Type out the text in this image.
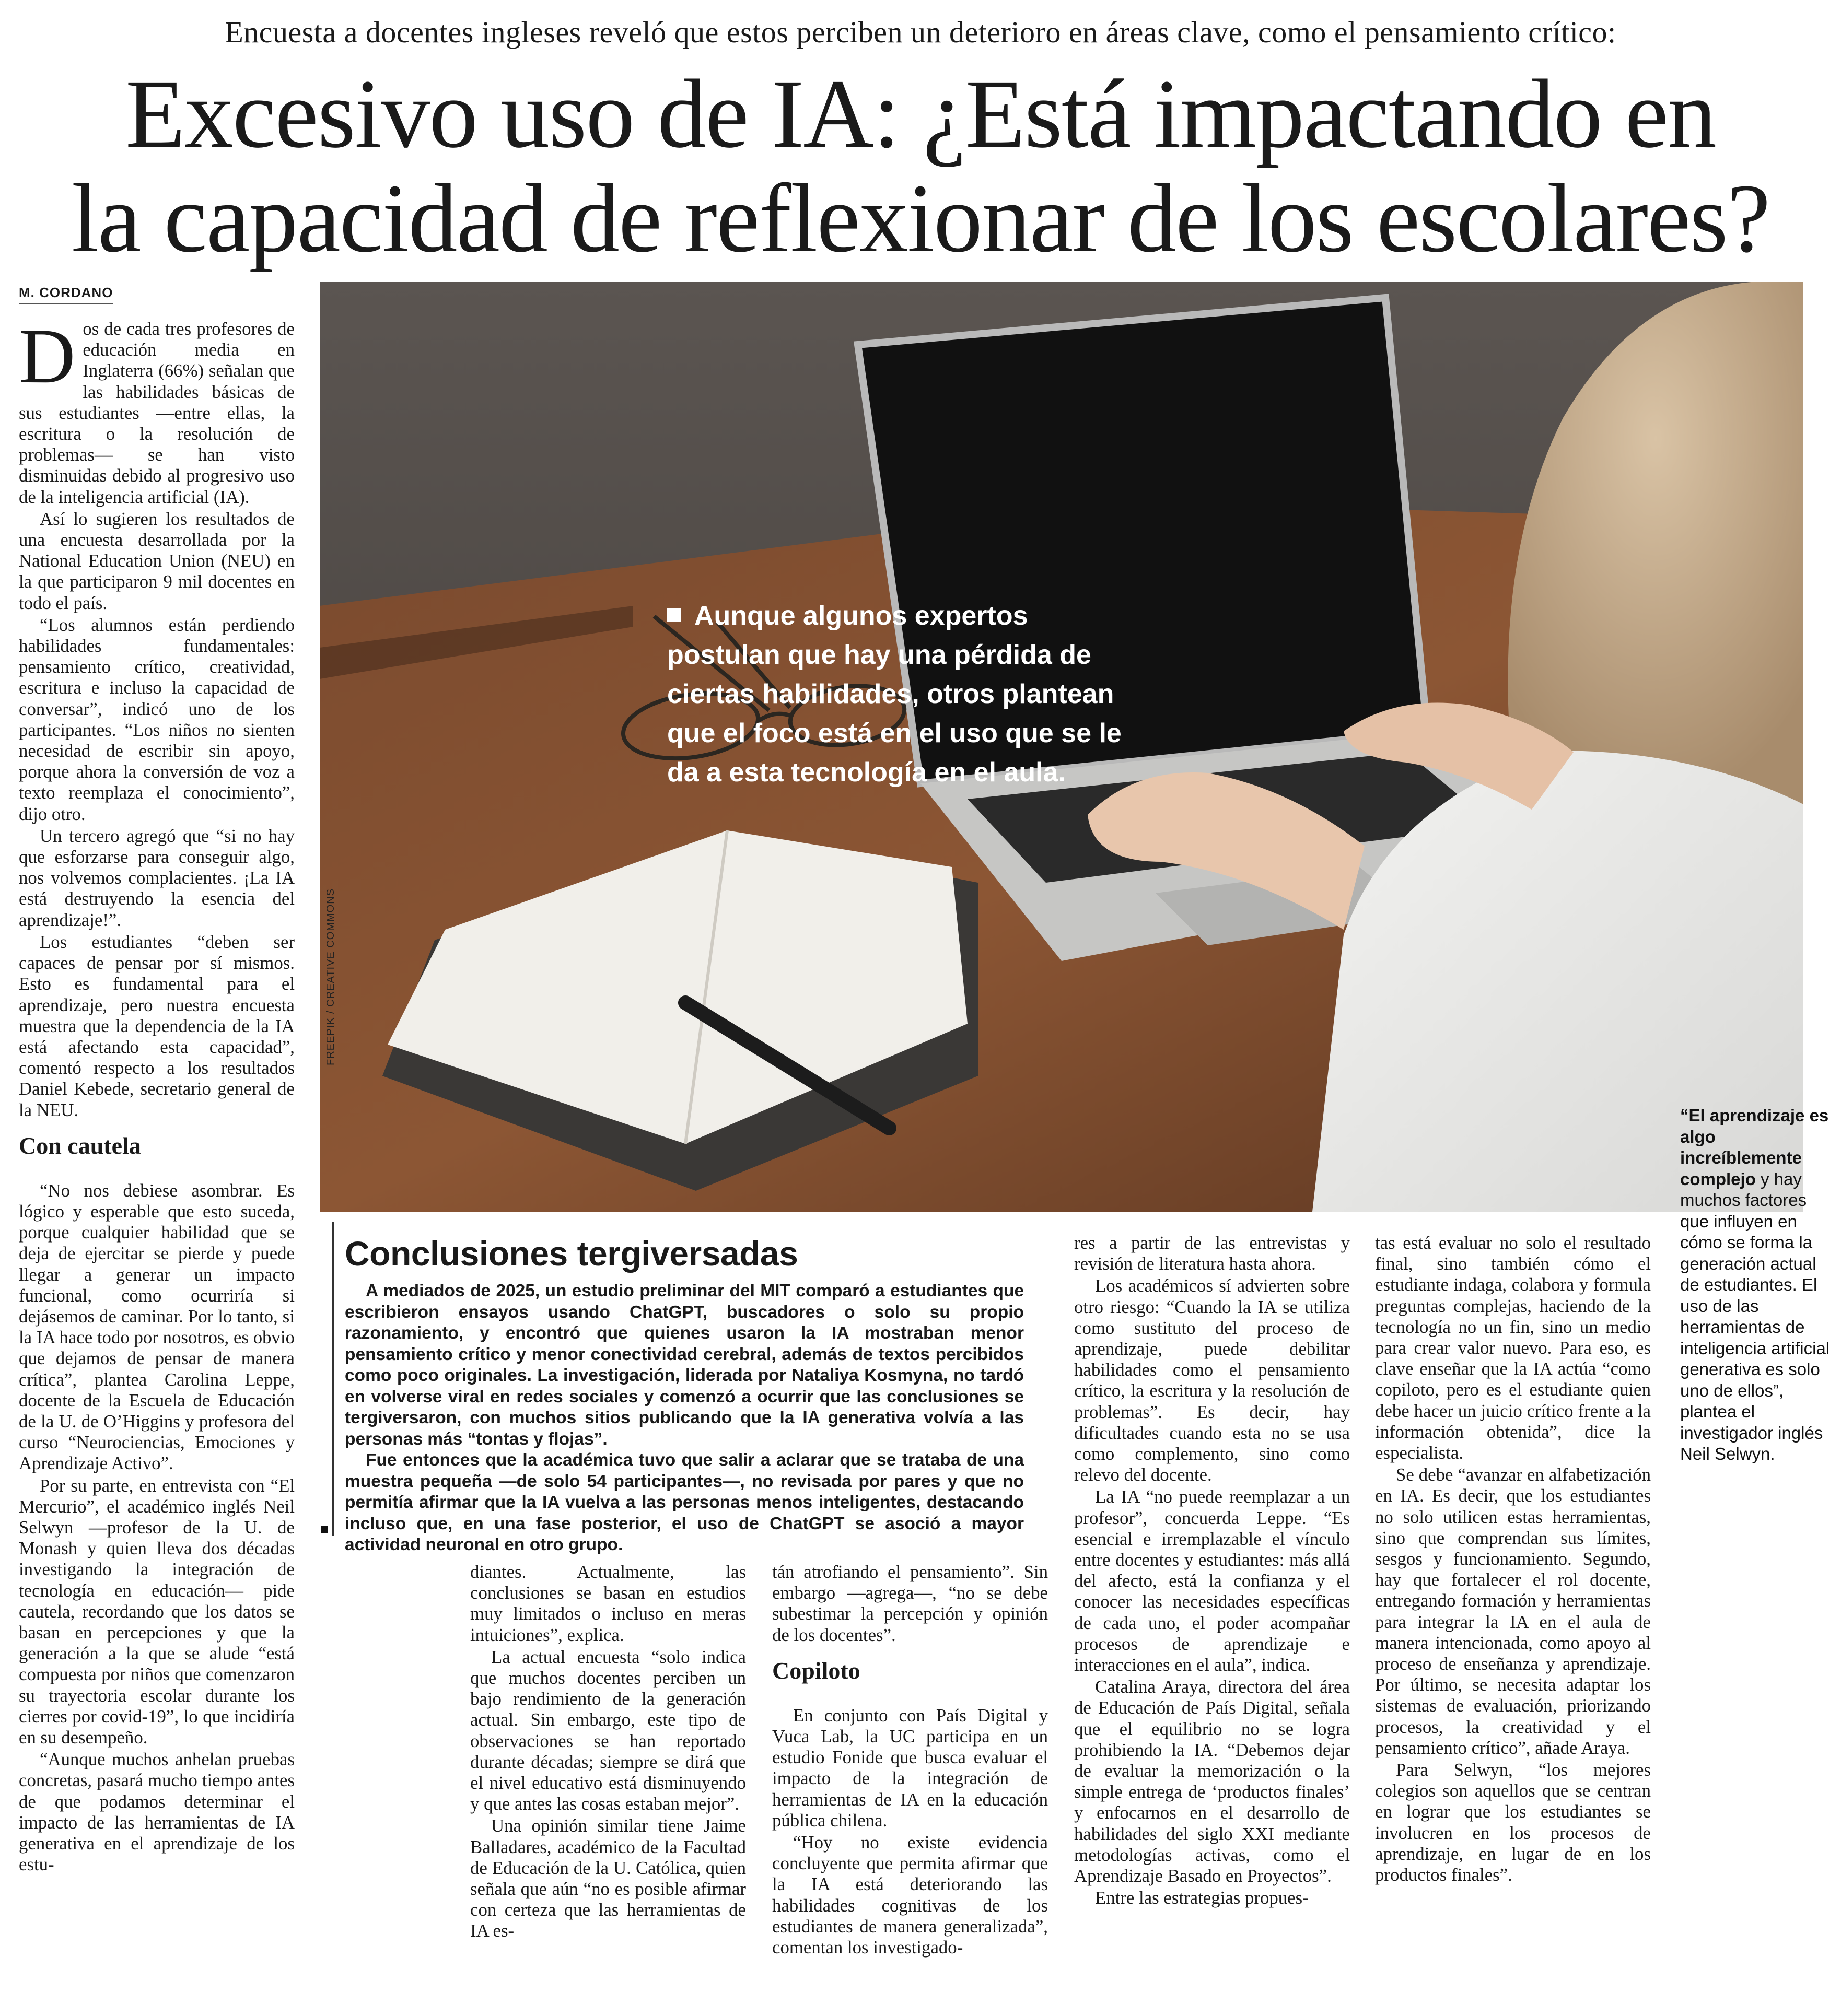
Encuesta a docentes ingleses reveló que estos perciben un deterioro en áreas clave, como el pensamiento crítico:
Excesivo uso de IA: ¿Está impactando en
la capacidad de reflexionar de los escolares?
M. CORDANO
Aunque algunos expertos postulan que hay una pérdida de ciertas habilidades, otros plantean que el foco está en el uso que se le da a esta tecnología en el aula.
FREEPIK / CREATIVE COMMONS

Dos de cada tres profesores de educación media en Inglaterra (66%) señalan que las habilidades básicas de sus estudiantes —entre ellas, la escritura o la resolución de problemas— se han visto disminuidas debido al progresivo uso de la inteligencia artificial (IA).

Así lo sugieren los resultados de una encuesta desarrollada por la National Education Union (NEU) en la que participaron 9 mil docentes en todo el país.

“Los alumnos están perdiendo habilidades fundamentales: pensamiento crítico, creatividad, escritura e incluso la capacidad de conversar”, indicó uno de los participantes. “Los niños no sienten necesidad de escribir sin apoyo, porque ahora la conversión de voz a texto reemplaza el conocimiento”, dijo otro.

Un tercero agregó que “si no hay que esforzarse para conseguir algo, nos volvemos complacientes. ¡La IA está destruyendo la esencia del aprendizaje!”.

Los estudiantes “deben ser capaces de pensar por sí mismos. Esto es fundamental para el aprendizaje, pero nuestra encuesta muestra que la dependencia de la IA está afectando esta capacidad”, comentó respecto a los resultados Daniel Kebede, secretario general de la NEU.

Con cautela

“No nos debiese asombrar. Es lógico y esperable que esto suceda, porque cualquier habilidad que se deja de ejercitar se pierde y puede llegar a generar un impacto funcional, como ocurriría si dejásemos de caminar. Por lo tanto, si la IA hace todo por nosotros, es obvio que dejamos de pensar de manera crítica”, plantea Carolina Leppe, docente de la Escuela de Educación de la U. de O’Higgins y profesora del curso “Neurociencias, Emociones y Aprendizaje Activo”.

Por su parte, en entrevista con “El Mercurio”, el académico inglés Neil Selwyn —profesor de la U. de Monash y quien lleva dos décadas investigando la integración de tecnología en educación— pide cautela, recordando que los datos se basan en percepciones y que la generación a la que se alude “está compuesta por niños que comenzaron su trayectoria escolar durante los cierres por covid-19”, lo que incidiría en su desempeño.

“Aunque muchos anhelan pruebas concretas, pasará mucho tiempo antes de que podamos determinar el impacto de las herramientas de IA generativa en el aprendizaje de los estu-

Conclusiones tergiversadas

A mediados de 2025, un estudio preliminar del MIT comparó a estudiantes que escribieron ensayos usando ChatGPT, buscadores o solo su propio razonamiento, y encontró que quienes usaron la IA mostraban menor pensamiento crítico y menor conectividad cerebral, además de textos percibidos como poco originales. La investigación, liderada por Nataliya Kosmyna, no tardó en volverse viral en redes sociales y comenzó a ocurrir que las conclusiones se tergiversaron, con muchos sitios publicando que la IA generativa volvía a las personas más “tontas y flojas”.

Fue entonces que la académica tuvo que salir a aclarar que se trataba de una muestra pequeña —de solo 54 participantes—, no revisada por pares y que no permitía afirmar que la IA vuelva a las personas menos inteligentes, destacando incluso que, en una fase posterior, el uso de ChatGPT se asoció a mayor actividad neuronal en otro grupo.

diantes. Actualmente, las conclusiones se basan en estudios muy limitados o incluso en meras intuiciones”, explica.

La actual encuesta “solo indica que muchos docentes perciben un bajo rendimiento de la generación actual. Sin embargo, este tipo de observaciones se han reportado durante décadas; siempre se dirá que el nivel educativo está disminuyendo y que antes las cosas estaban mejor”.

Una opinión similar tiene Jaime Balladares, académico de la Facultad de Educación de la U. Católica, quien señala que aún “no es posible afirmar con certeza que las herramientas de IA es-

tán atrofiando el pensamiento”. Sin embargo —agrega—, “no se debe subestimar la percepción y opinión de los docentes”.

Copiloto

En conjunto con País Digital y Vuca Lab, la UC participa en un estudio Fonide que busca evaluar el impacto de la integración de herramientas de IA en la educación pública chilena.

“Hoy no existe evidencia concluyente que permita afirmar que la IA está deteriorando las habilidades cognitivas de los estudiantes de manera generalizada”, comentan los investigado-

res a partir de las entrevistas y revisión de literatura hasta ahora.

Los académicos sí advierten sobre otro riesgo: “Cuando la IA se utiliza como sustituto del proceso de aprendizaje, puede debilitar habilidades como el pensamiento crítico, la escritura y la resolución de problemas”. Es decir, hay dificultades cuando esta no se usa como complemento, sino como relevo del docente.

La IA “no puede reemplazar a un profesor”, concuerda Leppe. “Es esencial e irremplazable el vínculo entre docentes y estudiantes: más allá del afecto, está la confianza y el conocer las necesidades específicas de cada uno, el poder acompañar procesos de aprendizaje e interacciones en el aula”, indica.

Catalina Araya, directora del área de Educación de País Digital, señala que el equilibrio no se logra prohibiendo la IA. “Debemos dejar de evaluar la memorización o la simple entrega de ‘productos finales’ y enfocarnos en el desarrollo de habilidades del siglo XXI mediante metodologías activas, como el Aprendizaje Basado en Proyectos”.

Entre las estrategias propues-

tas está evaluar no solo el resultado final, sino también cómo el estudiante indaga, colabora y formula preguntas complejas, haciendo de la tecnología no un fin, sino un medio para crear valor nuevo. Para eso, es clave enseñar que la IA actúa “como copiloto, pero es el estudiante quien debe hacer un juicio crítico frente a la información obtenida”, dice la especialista.

Se debe “avanzar en alfabetización en IA. Es decir, que los estudiantes no solo utilicen estas herramientas, sino que comprendan sus límites, sesgos y funcionamiento. Segundo, hay que fortalecer el rol docente, entregando formación y herramientas para integrar la IA en el aula de manera intencionada, como apoyo al proceso de enseñanza y aprendizaje. Por último, se necesita adaptar los sistemas de evaluación, priorizando procesos, la creatividad y el pensamiento crítico”, añade Araya.

Para Selwyn, “los mejores colegios son aquellos que se centran en lograr que los estudiantes se involucren en los procesos de aprendizaje, en lugar de en los productos finales”.

“El aprendizaje es algo increíblemente complejo y hay muchos factores que influyen en cómo se forma la generación actual de estudiantes. El uso de las herramientas de inteligencia artificial generativa es solo uno de ellos”, plantea el investigador inglés Neil Selwyn.
